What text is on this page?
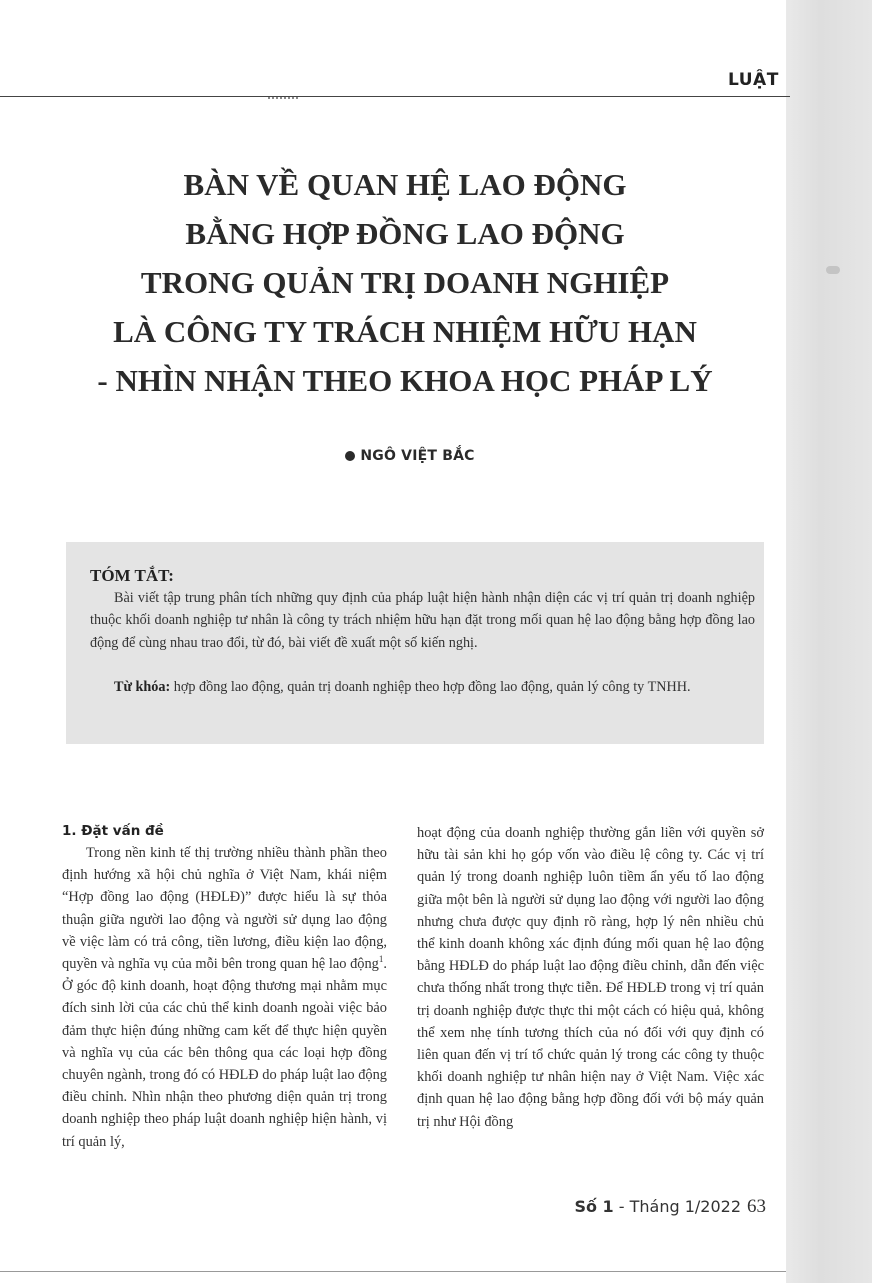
LUẬT
BÀN VỀ QUAN HỆ LAO ĐỘNG
BẰNG HỢP ĐỒNG LAO ĐỘNG
TRONG QUẢN TRỊ DOANH NGHIỆP
LÀ CÔNG TY TRÁCH NHIỆM HỮU HẠN
- NHÌN NHẬN THEO KHOA HỌC PHÁP LÝ
NGÔ VIỆT BẮC
TÓM TẮT:

Bài viết tập trung phân tích những quy định của pháp luật hiện hành nhận diện các vị trí quản trị doanh nghiệp thuộc khối doanh nghiệp tư nhân là công ty trách nhiệm hữu hạn đặt trong mối quan hệ lao động bằng hợp đồng lao động để cùng nhau trao đổi, từ đó, bài viết đề xuất một số kiến nghị.

Từ khóa: hợp đồng lao động, quản trị doanh nghiệp theo hợp đồng lao động, quản lý công ty TNHH.

1. Đặt vấn đề

Trong nền kinh tế thị trường nhiều thành phần theo định hướng xã hội chủ nghĩa ở Việt Nam, khái niệm “Hợp đồng lao động (HĐLĐ)” được hiểu là sự thỏa thuận giữa người lao động và người sử dụng lao động về việc làm có trả công, tiền lương, điều kiện lao động, quyền và nghĩa vụ của mỗi bên trong quan hệ lao động$^1$. Ở góc độ kinh doanh, hoạt động thương mại nhằm mục đích sinh lời của các chủ thể kinh doanh ngoài việc bảo đảm thực hiện đúng những cam kết để thực hiện quyền và nghĩa vụ của các bên thông qua các loại hợp đồng chuyên ngành, trong đó có HĐLĐ do pháp luật lao động điều chỉnh. Nhìn nhận theo phương diện quản trị trong doanh nghiệp theo pháp luật doanh nghiệp hiện hành, vị trí quản lý,

hoạt động của doanh nghiệp thường gắn liền với quyền sở hữu tài sản khi họ góp vốn vào điều lệ công ty. Các vị trí quản lý trong doanh nghiệp luôn tiềm ẩn yếu tố lao động giữa một bên là người sử dụng lao động với người lao động nhưng chưa được quy định rõ ràng, hợp lý nên nhiều chủ thể kinh doanh không xác định đúng mối quan hệ lao động bằng HĐLĐ do pháp luật lao động điều chỉnh, dẫn đến việc chưa thống nhất trong thực tiễn. Để HĐLĐ trong vị trí quản trị doanh nghiệp được thực thi một cách có hiệu quả, không thể xem nhẹ tính tương thích của nó đối với quy định có liên quan đến vị trí tổ chức quản lý trong các công ty thuộc khối doanh nghiệp tư nhân hiện nay ở Việt Nam. Việc xác định quan hệ lao động bằng hợp đồng đối với bộ máy quản trị như Hội đồng

Số 1 - Tháng 1/2022 63
